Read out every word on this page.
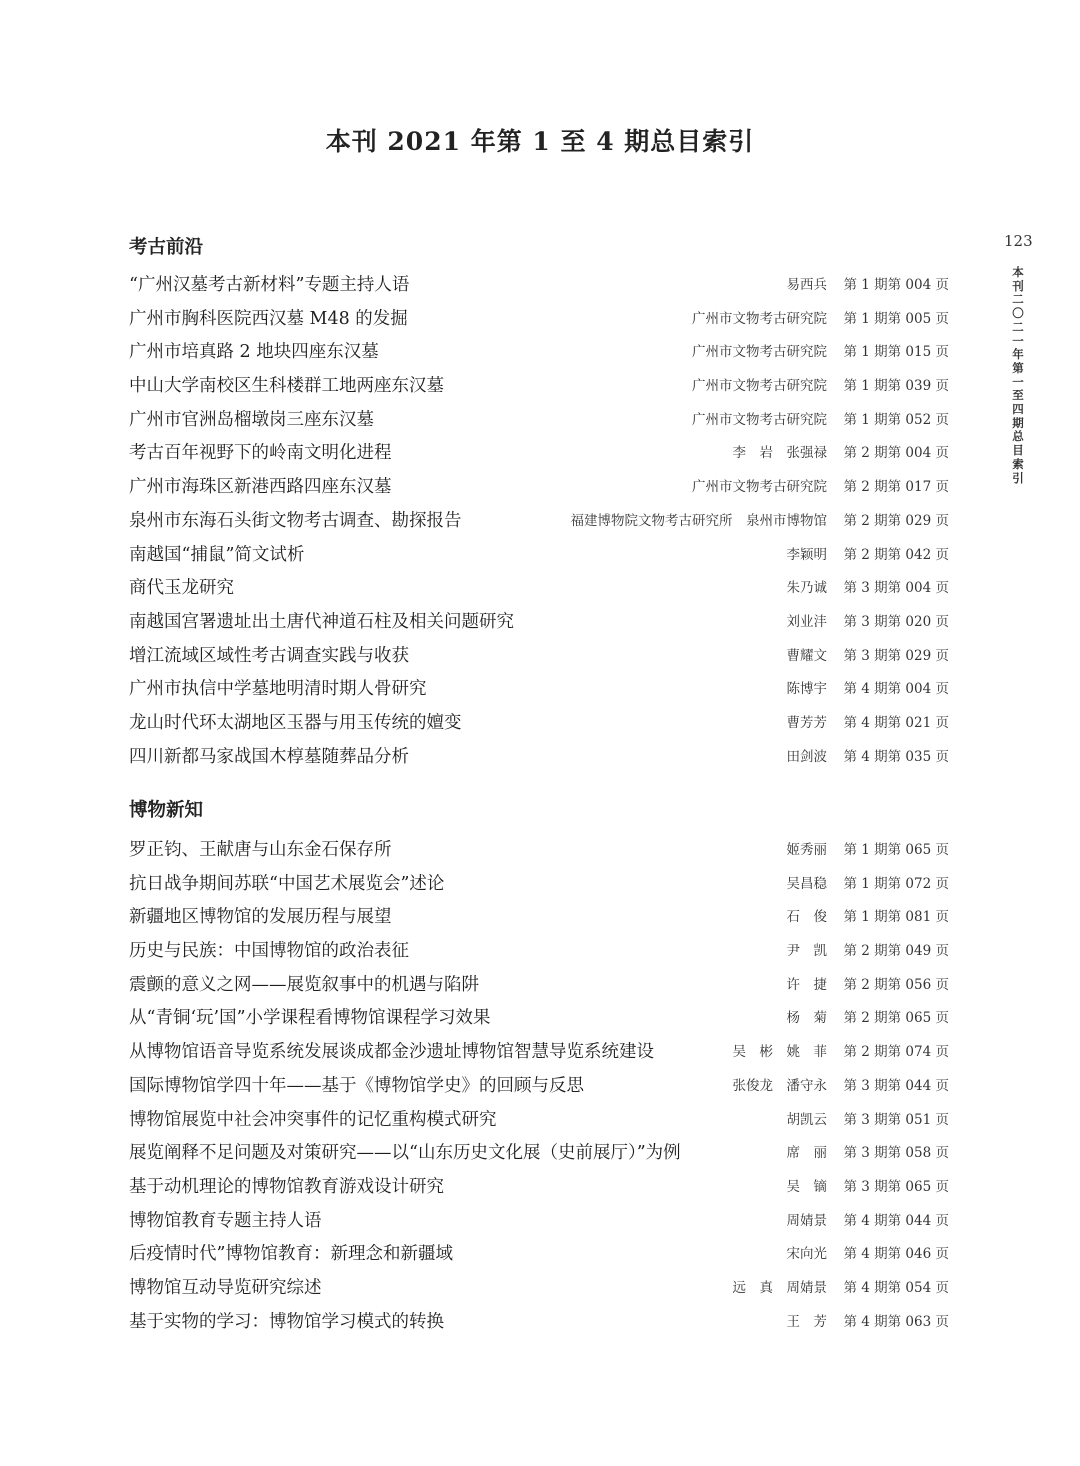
本刊 2021 年第 1 至 4 期总目索引
123
本
刊
二
〇
二
一
年
第
一
至
四
期
总
目
索
引
考古前沿
“广州汉墓考古新材料”专题主持人语	易西兵 第 1 期第 004 页
广州市胸科医院西汉墓 M48 的发掘	广州市文物考古研究院 第 1 期第 005 页
广州市培真路 2 地块四座东汉墓	广州市文物考古研究院 第 1 期第 015 页
中山大学南校区生科楼群工地两座东汉墓	广州市文物考古研究院 第 1 期第 039 页
广州市官洲岛榴墩岗三座东汉墓	广州市文物考古研究院 第 1 期第 052 页
考古百年视野下的岭南文明化进程	李　岩　张强禄 第 2 期第 004 页
广州市海珠区新港西路四座东汉墓	广州市文物考古研究院 第 2 期第 017 页
泉州市东海石头街文物考古调查、勘探报告	福建博物院文物考古研究所　泉州市博物馆 第 2 期第 029 页
南越国“捕鼠”简文试析	李颖明 第 2 期第 042 页
商代玉龙研究	朱乃诚 第 3 期第 004 页
南越国宫署遗址出土唐代神道石柱及相关问题研究	刘业沣 第 3 期第 020 页
增江流域区域性考古调查实践与收获	曹耀文 第 3 期第 029 页
广州市执信中学墓地明清时期人骨研究	陈博宇 第 4 期第 004 页
龙山时代环太湖地区玉器与用玉传统的嬗变	曹芳芳 第 4 期第 021 页
四川新都马家战国木椁墓随葬品分析	田剑波 第 4 期第 035 页
博物新知
罗正钧、王献唐与山东金石保存所	姬秀丽 第 1 期第 065 页
抗日战争期间苏联“中国艺术展览会”述论	吴昌稳 第 1 期第 072 页
新疆地区博物馆的发展历程与展望	石　俊 第 1 期第 081 页
历史与民族：中国博物馆的政治表征	尹　凯 第 2 期第 049 页
震颤的意义之网——展览叙事中的机遇与陷阱	许　捷 第 2 期第 056 页
从“青铜‘玩’国”小学课程看博物馆课程学习效果	杨　菊 第 2 期第 065 页
从博物馆语音导览系统发展谈成都金沙遗址博物馆智慧导览系统建设	吴　彬　姚　菲 第 2 期第 074 页
国际博物馆学四十年——基于《博物馆学史》的回顾与反思	张俊龙　潘守永 第 3 期第 044 页
博物馆展览中社会冲突事件的记忆重构模式研究	胡凯云 第 3 期第 051 页
展览阐释不足问题及对策研究——以“山东历史文化展（史前展厅）”为例	席　丽 第 3 期第 058 页
基于动机理论的博物馆教育游戏设计研究	吴　镝 第 3 期第 065 页
博物馆教育专题主持人语	周婧景 第 4 期第 044 页
后疫情时代”博物馆教育：新理念和新疆域	宋向光 第 4 期第 046 页
博物馆互动导览研究综述	远　真　周婧景 第 4 期第 054 页
基于实物的学习：博物馆学习模式的转换	王　芳 第 4 期第 063 页
